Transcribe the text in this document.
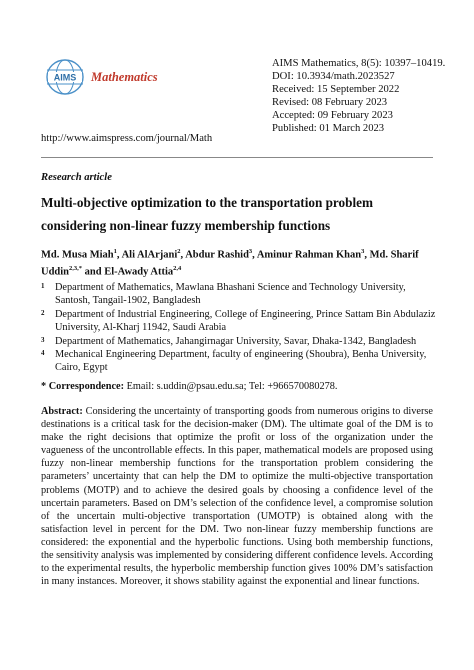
AIMS Mathematics
AIMS Mathematics, 8(5): 10397–10419.
DOI: 10.3934/math.2023527
Received: 15 September 2022
Revised: 08 February 2023
Accepted: 09 February 2023
Published: 01 March 2023
http://www.aimspress.com/journal/Math
Research article
Multi-objective optimization to the transportation problem considering non-linear fuzzy membership functions
Md. Musa Miah$^1$, Ali AlArjani$^2$, Abdur Rashid$^3$, Aminur Rahman Khan$^3$, Md. Sharif Uddin$^{2,3,*}$ and El-Awady Attia$^{2,4}$
1 Department of Mathematics, Mawlana Bhashani Science and Technology University, Santosh, Tangail-1902, Bangladesh
2 Department of Industrial Engineering, College of Engineering, Prince Sattam Bin Abdulaziz University, Al-Kharj 11942, Saudi Arabia
3 Department of Mathematics, Jahangirnagar University, Savar, Dhaka-1342, Bangladesh
4 Mechanical Engineering Department, faculty of engineering (Shoubra), Benha University, Cairo, Egypt
* Correspondence: Email: s.uddin@psau.edu.sa; Tel: +966570080278.
Abstract: Considering the uncertainty of transporting goods from numerous origins to diverse destinations is a critical task for the decision-maker (DM). The ultimate goal of the DM is to make the right decisions that optimize the profit or loss of the organization under the vagueness of the uncontrollable effects. In this paper, mathematical models are proposed using fuzzy non-linear membership functions for the transportation problem considering the parameters’ uncertainty that can help the DM to optimize the multi-objective transportation problems (MOTP) and to achieve the desired goals by choosing a confidence level of the uncertain parameters. Based on DM’s selection of the confidence level, a compromise solution of the uncertain multi-objective transportation (UMOTP) is obtained along with the satisfaction level in percent for the DM. Two non-linear fuzzy membership functions are considered: the exponential and the hyperbolic functions. Using both membership functions, the sensitivity analysis was implemented by considering different confidence levels. According to the experimental results, the hyperbolic membership function gives 100% DM’s satisfaction in many instances. Moreover, it shows stability against the exponential and linear functions.
